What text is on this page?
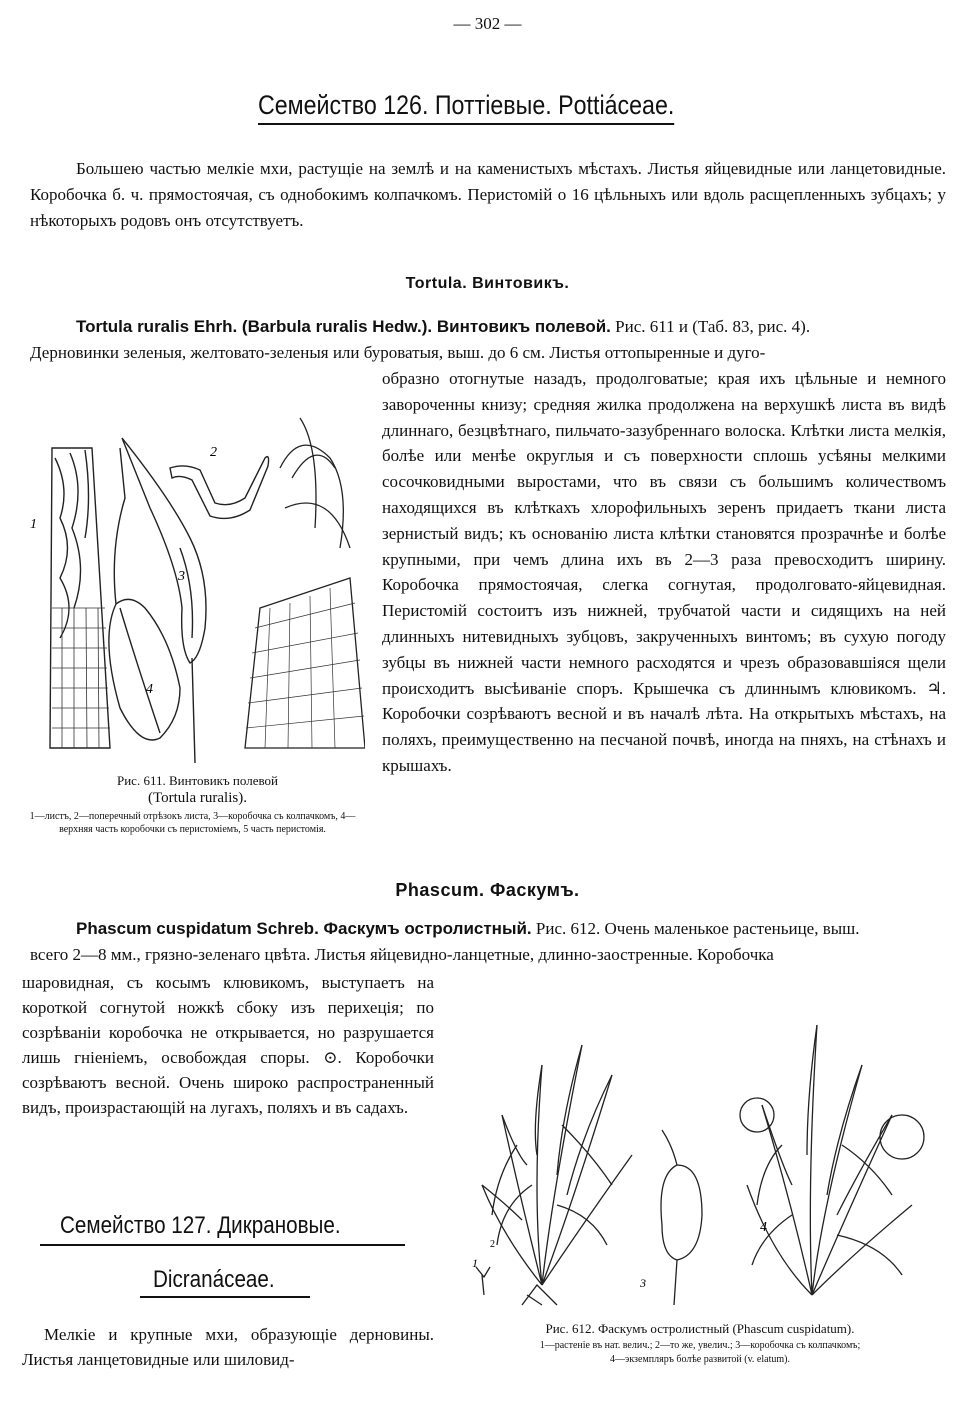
— 302 —
Семейство 126. Поттіевые. Pottiáceae.

Большею частью мелкіе мхи, растущіе на землѣ и на каменистыхъ мѣстахъ. Листья яйцевидные или ланцетовидные. Коробочка б. ч. прямостоячая, съ однобокимъ колпачкомъ. Перистомій о 16 цѣльныхъ или вдоль расщепленныхъ зубцахъ; у нѣкоторыхъ родовъ онъ отсутствуетъ.

Tortula. Винтовикъ.
Tortula ruralis Ehrh. (Barbula ruralis Hedw.). Винтовикъ полевой. Рис. 611 и (Таб. 83, рис. 4).
Дерновинки зеленыя, желтовато-зеленыя или буроватыя, выш. до 6 см. Листья оттопыренные и дуго-

образно отогнутые назадъ, продолговатые; края ихъ цѣльные и немного завороченны книзу; средняя жилка продолжена на верхушкѣ листа въ видѣ длиннаго, безцвѣтнаго, пильчато-зазубреннаго волоска. Клѣтки листа мелкія, болѣе или менѣе округлыя и съ поверхности сплошь усѣяны мелкими сосочковидными выростами, что въ связи съ большимъ количествомъ находящихся въ клѣткахъ хлорофильныхъ зеренъ придаетъ ткани листа зернистый видъ; къ основанію листа клѣтки становятся прозрачнѣе и болѣе крупными, при чемъ длина ихъ въ 2—3 раза превосходитъ ширину. Коробочка прямостоячая, слегка согнутая, продолговато-яйцевидная. Перистомій состоитъ изъ нижней, трубчатой части и сидящихъ на ней длинныхъ нитевидныхъ зубцовъ, закрученныхъ винтомъ; въ сухую погоду зубцы въ нижней части немного расходятся и чрезъ образовавшіяся щели происходитъ высѣиваніе споръ. Крышечка съ длиннымъ клювикомъ. ♃. Коробочки созрѣваютъ весной и въ началѣ лѣта. На открытыхъ мѣстахъ, на поляхъ, преимущественно на песчаной почвѣ, иногда на пняхъ, на стѣнахъ и крышахъ.

1
2
3
4
Рис. 611. Винтовикъ полевой
(Tortula ruralis).
1—листъ, 2—поперечный отрѣзокъ листа, 3—коробочка съ колпачкомъ, 4—верхняя часть коробочки съ перистоміемъ, 5 часть перистомія.
Phascum. Фаскумъ.
Phascum cuspidatum Schreb. Фаскумъ остролистный. Рис. 612. Очень маленькое растеньице, выш.
всего 2—8 мм., грязно-зеленаго цвѣта. Листья яйцевидно-ланцетные, длинно-заостренные. Коробочка

шаровидная, съ косымъ клювикомъ, выступаетъ на короткой согнутой ножкѣ сбоку изъ перихеція; по созрѣваніи коробочка не открывается, но разрушается лишь гніеніемъ, освобождая споры. ⊙. Коробочки созрѣваютъ весной. Очень широко распространенный видъ, произрастающій на лугахъ, поляхъ и въ садахъ.

1
2
3
4
Рис. 612. Фаскумъ остролистный (Phascum cuspidatum).
1—растеніе въ нат. велич.; 2—то же, увелич.; 3—коробочка съ колпачкомъ;
4—экземпляръ болѣе развитой (v. elatum).
Семейство 127. Дикрановые.
Dicranáceae.

Мелкіе и крупные мхи, образующіе дерновины. Листья ланцетовидные или шиловид-
